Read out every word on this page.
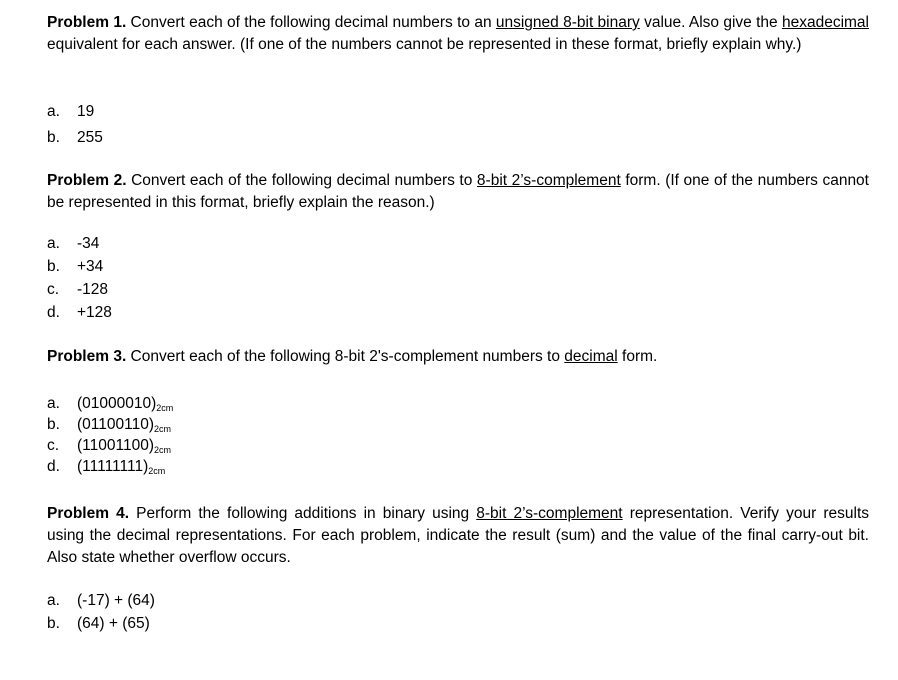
Problem 1. Convert each of the following decimal numbers to an unsigned 8-bit binary value. Also give the hexadecimal equivalent for each answer. (If one of the numbers cannot be represented in these format, briefly explain why.)
a.	19
b.	255
Problem 2. Convert each of the following decimal numbers to 8-bit 2’s-complement form. (If one of the numbers cannot be represented in this format, briefly explain the reason.)
a.	-34
b.	+34
c.	-128
d.	+128
Problem 3. Convert each of the following 8-bit 2's-complement numbers to decimal form.
a.	(01000010) 2cm
b.	(01100110) 2cm
c.	(11001100) 2cm
d.	(11111111) 2cm
Problem 4. Perform the following additions in binary using 8-bit 2’s-complement representation. Verify your results using the decimal representations. For each problem, indicate the result (sum) and the value of the final carry-out bit. Also state whether overflow occurs.
a.	(-17) + (64)
b.	(64) + (65)
